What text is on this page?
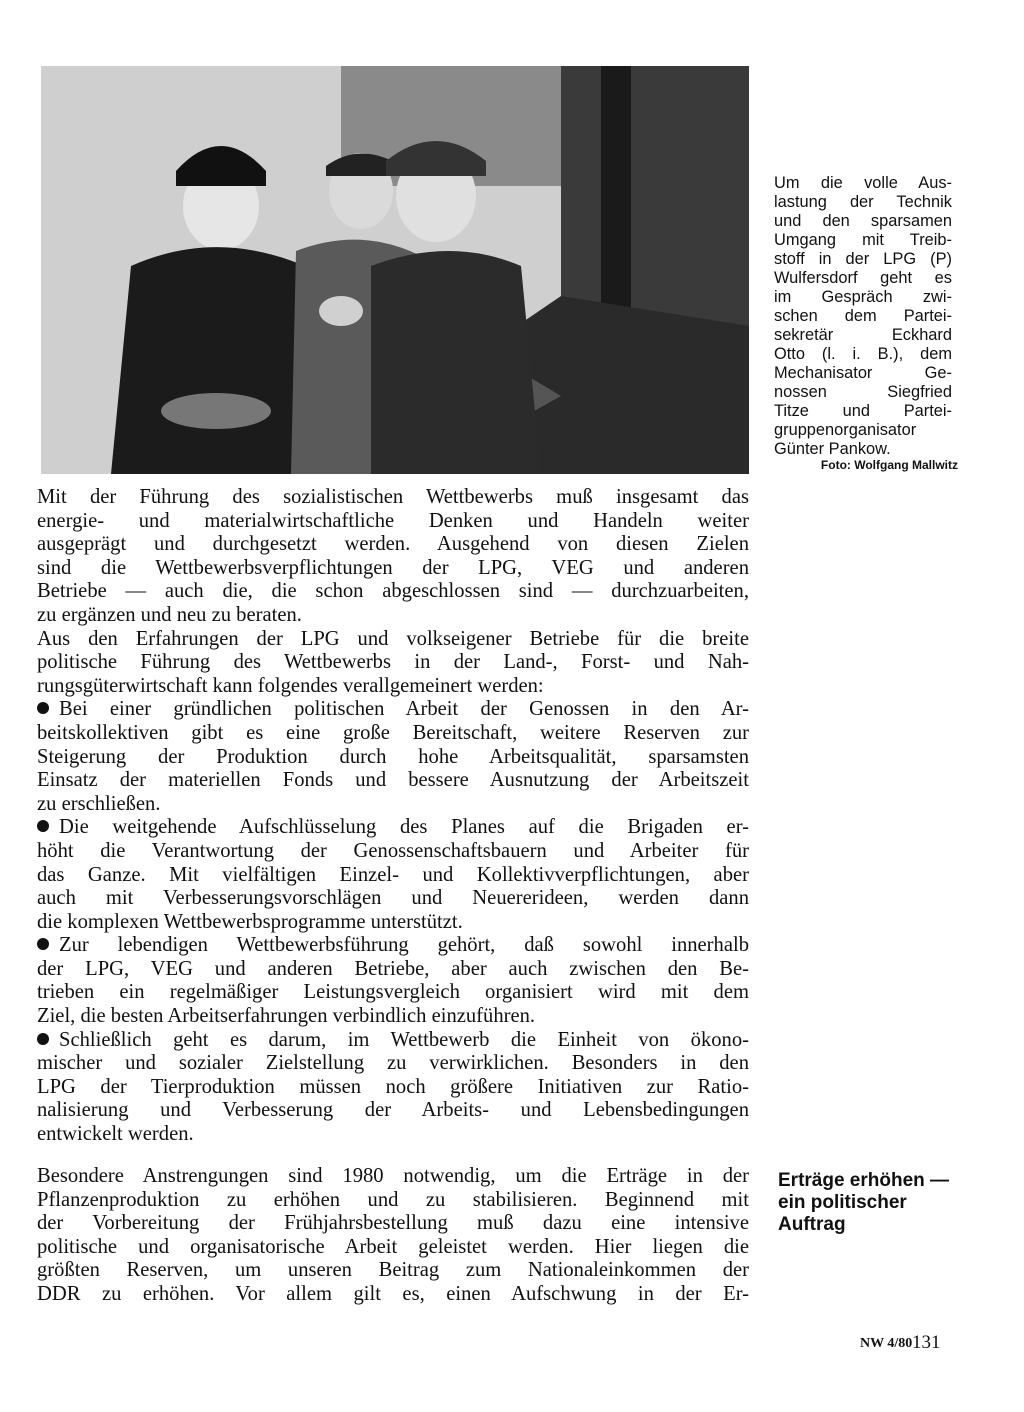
Um die volle Aus-
lastung der Technik
und den sparsamen
Umgang mit Treib-
stoff in der LPG (P)
Wulfersdorf geht es
im Gespräch zwi-
schen dem Partei-
sekretär Eckhard
Otto (l. i. B.), dem
Mechanisator Ge-
nossen Siegfried
Titze und Partei-
gruppenorganisator
Günter Pankow.
Foto: Wolfgang Mallwitz
Mit der Führung des sozialistischen Wettbewerbs muß insgesamt das
energie- und materialwirtschaftliche Denken und Handeln weiter
ausgeprägt und durchgesetzt werden. Ausgehend von diesen Zielen
sind die Wettbewerbsverpflichtungen der LPG, VEG und anderen
Betriebe — auch die, die schon abgeschlossen sind — durchzuarbeiten,
zu ergänzen und neu zu beraten.
Aus den Erfahrungen der LPG und volkseigener Betriebe für die breite
politische Führung des Wettbewerbs in der Land-, Forst- und Nah-
rungsgüterwirtschaft kann folgendes verallgemeinert werden:
Bei einer gründlichen politischen Arbeit der Genossen in den Ar-
beitskollektiven gibt es eine große Bereitschaft, weitere Reserven zur
Steigerung der Produktion durch hohe Arbeitsqualität, sparsamsten
Einsatz der materiellen Fonds und bessere Ausnutzung der Arbeitszeit
zu erschließen.
Die weitgehende Aufschlüsselung des Planes auf die Brigaden er-
höht die Verantwortung der Genossenschaftsbauern und Arbeiter für
das Ganze. Mit vielfältigen Einzel- und Kollektivverpflichtungen, aber
auch mit Verbesserungsvorschlägen und Neuererideen, werden dann
die komplexen Wettbewerbsprogramme unterstützt.
Zur lebendigen Wettbewerbsführung gehört, daß sowohl innerhalb
der LPG, VEG und anderen Betriebe, aber auch zwischen den Be-
trieben ein regelmäßiger Leistungsvergleich organisiert wird mit dem
Ziel, die besten Arbeitserfahrungen verbindlich einzuführen.
Schließlich geht es darum, im Wettbewerb die Einheit von ökono-
mischer und sozialer Zielstellung zu verwirklichen. Besonders in den
LPG der Tierproduktion müssen noch größere Initiativen zur Ratio-
nalisierung und Verbesserung der Arbeits- und Lebensbedingungen
entwickelt werden.
Besondere Anstrengungen sind 1980 notwendig, um die Erträge in der
Pflanzenproduktion zu erhöhen und zu stabilisieren. Beginnend mit
der Vorbereitung der Frühjahrsbestellung muß dazu eine intensive
politische und organisatorische Arbeit geleistet werden. Hier liegen die
größten Reserven, um unseren Beitrag zum Nationaleinkommen der
DDR zu erhöhen. Vor allem gilt es, einen Aufschwung in der Er-
Erträge erhöhen —
ein politischer
Auftrag
NW 4/80 131
